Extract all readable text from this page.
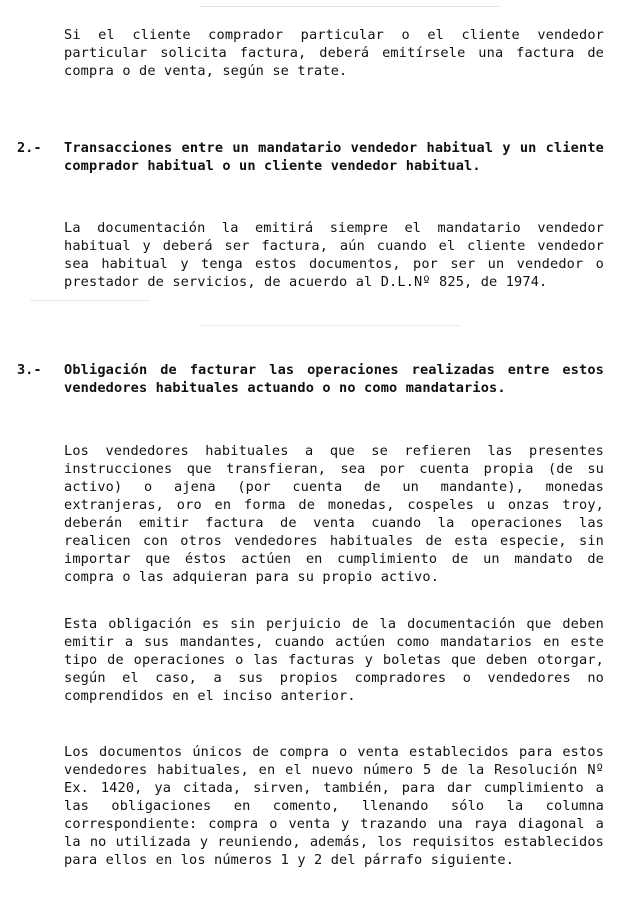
Si el cliente comprador particular o el cliente vendedor particular solicita factura, deberá emitírsele una factura de compra o de venta, según se trate.
2.- Transacciones entre un mandatario vendedor habitual y un cliente comprador habitual o un cliente vendedor habitual.
La documentación la emitirá siempre el mandatario vendedor habitual y deberá ser factura, aún cuando el cliente vendedor sea habitual y tenga estos documentos, por ser un vendedor o prestador de servicios, de acuerdo al D.L.Nº 825, de 1974.
3.- Obligación de facturar las operaciones realizadas entre estos vendedores habituales actuando o no como mandatarios.
Los vendedores habituales a que se refieren las presentes instrucciones que transfieran, sea por cuenta propia (de su activo) o ajena (por cuenta de un mandante), monedas extranjeras, oro en forma de monedas, cospeles u onzas troy, deberán emitir factura de venta cuando la operaciones las realicen con otros vendedores habituales de esta especie, sin importar que éstos actúen en cumplimiento de un mandato de compra o las adquieran para su propio activo.
Esta obligación es sin perjuicio de la documentación que deben emitir a sus mandantes, cuando actúen como mandatarios en este tipo de operaciones o las facturas y boletas que deben otorgar, según el caso, a sus propios compradores o vendedores no comprendidos en el inciso anterior.
Los documentos únicos de compra o venta establecidos para estos vendedores habituales, en el nuevo número 5 de la Resolución Nº Ex. 1420, ya citada, sirven, también, para dar cumplimiento a las obligaciones en comento, llenando sólo la columna correspondiente: compra o venta y trazando una raya diagonal a la no utilizada y reuniendo, además, los requisitos establecidos para ellos en los números 1 y 2 del párrafo siguiente.
